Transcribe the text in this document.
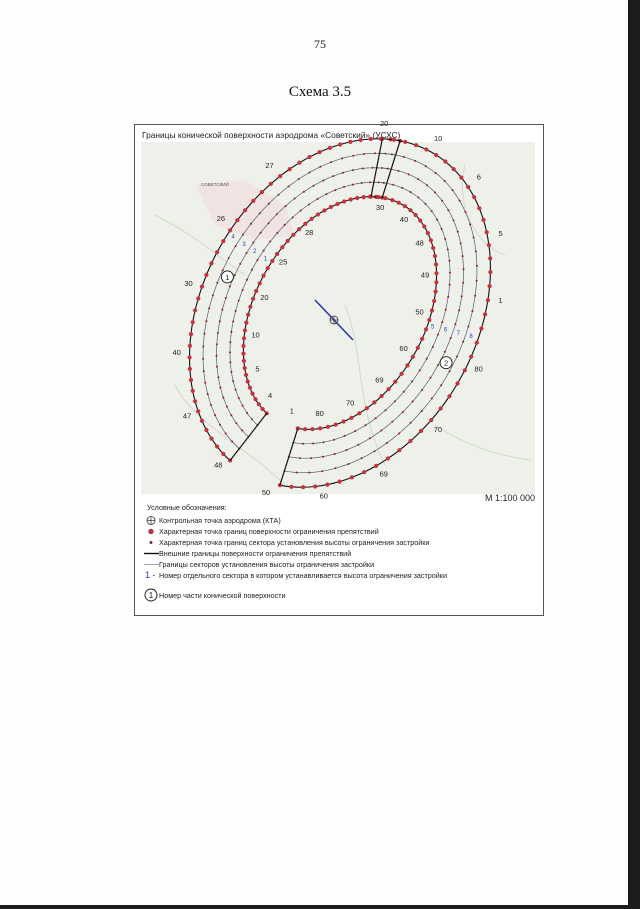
75
Схема 3.5
СОВЕТСКИЙ
20
10
6
5
1
80
70
69
60
50
48
47
40
30
26
27
30
40
48
49
50
60
69
70
80
1
4
5
10
20
25
28
1
2
1
2
3
4
5
6
7 8
Границы конической поверхности аэродрома «Советский» (УСХС)
М 1:100 000
Условные обозначения:
Контрольная точка аэродрома (КТА)
Характерная точка границ поверхности ограничения препятствий
Характерная точка границ сектора установления высоты ограничения застройки
Внешние границы поверхности ограничения препятствий
Границы секторов установления высоты ограничения застройки
1 - Номер отдельного сектора в котором устанавливается высота ограничения застройки
1 Номер части конической поверхности
